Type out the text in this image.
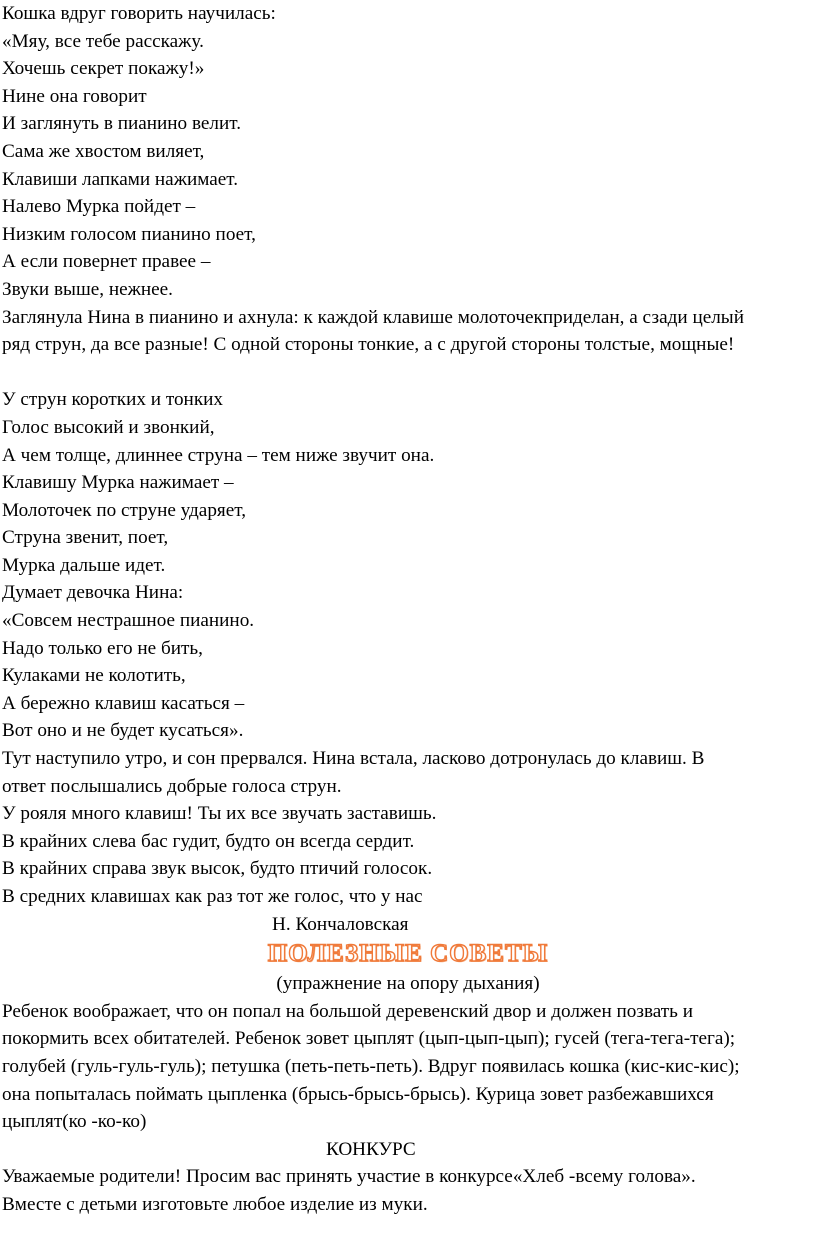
Кошка вдруг говорить научилась:

«Мяу, все тебе расскажу.

Хочешь секрет покажу!»

Нине она говорит

И заглянуть в пианино велит.

Сама же хвостом виляет,

Клавиши лапками нажимает.

Налево Мурка пойдет –

Низким голосом пианино поет,

А если повернет правее –

Звуки выше, нежнее.

Заглянула Нина в пианино и ахнула: к каждой клавише молоточекприделан, а сзади целый

ряд струн, да все разные! С одной стороны тонкие, а с другой стороны толстые, мощные!

У струн коротких и тонких

Голос высокий и звонкий,

А чем толще, длиннее струна – тем ниже звучит она.

Клавишу Мурка нажимает –

Молоточек по струне ударяет,

Струна звенит, поет,

Мурка дальше идет.

Думает девочка Нина:

«Совсем нестрашное пианино.

Надо только его не бить,

Кулаками не колотить,

А бережно клавиш касаться –

Вот оно и не будет кусаться».

Тут наступило утро, и сон прервался. Нина встала, ласково дотронулась до клавиш. В

ответ послышались добрые голоса струн.

У рояля много клавиш! Ты их все звучать заставишь.

В крайних слева бас гудит, будто он всегда сердит.

В крайних справа звук высок, будто птичий голосок.

В средних клавишах как раз тот же голос, что у нас

Н. Кончаловская

ПОЛЕЗНЫЕ СОВЕТЫ

(упражнение на опору дыхания)

Ребенок воображает, что он попал на большой деревенский двор и должен позвать и

покормить всех обитателей. Ребенок зовет цыплят (цып-цып-цып); гусей (тега-тега-тега);

голубей (гуль-гуль-гуль); петушка (петь-петь-петь). Вдруг появилась кошка (кис-кис-кис);

она попыталась поймать цыпленка (брысь-брысь-брысь). Курица зовет разбежавшихся

цыплят(ко -ко-ко)

КОНКУРС

Уважаемые родители! Просим вас принять участие в конкурсе«Хлеб -всему голова».

Вместе с детьми изготовьте любое изделие из муки.
